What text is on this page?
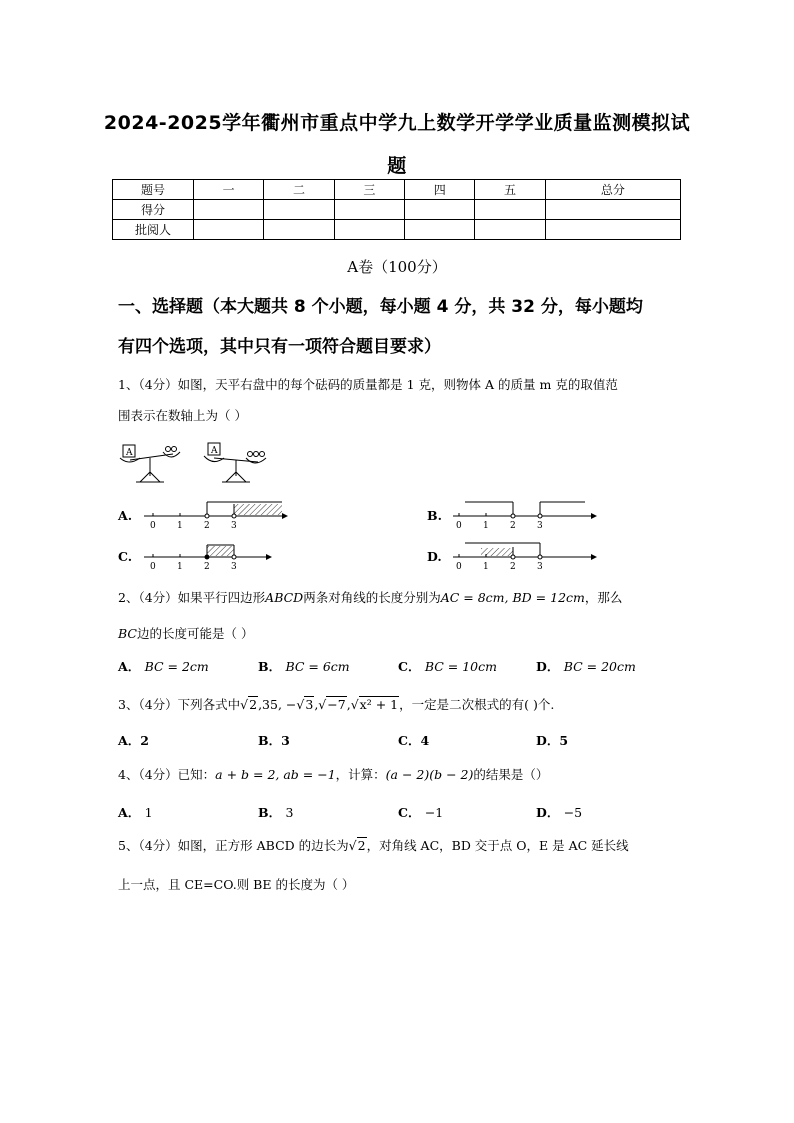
2024-2025学年衢州市重点中学九上数学开学学业质量监测模拟试
题
题号	一	二	三	四	五	总分
得分						
批阅人						
A卷（100分）
一、选择题（本大题共 8 个小题，每小题 4 分，共 32 分，每小题均
有四个选项，其中只有一项符合题目要求）
1、（4分）如图，天平右盘中的每个砝码的质量都是 1 克，则物体 A 的质量 m 克的取值范
围表示在数轴上为（ ）
A	A
A.
0 1 2 3
B.
0 1 2 3
C.
0 1 2 3
D.
0 1 2 3
2、（4分）如果平行四边形ABCD两条对角线的长度分别为AC = 8cm, BD = 12cm，那么
BC边的长度可能是（ ）
A． BC = 2cm	B． BC = 6cm	C． BC = 10cm	D． BC = 20cm
3、（4分）下列各式中√2,35, −√3,√−7,√x² + 1，一定是二次根式的有( )个.
A．2	B．3	C．4	D．5
4、（4分）已知：a + b = 2, ab = −1，计算：(a − 2)(b − 2)的结果是（）
A． 1	B． 3	C． −1	D． −5
5、（4分）如图，正方形 ABCD 的边长为√2，对角线 AC，BD 交于点 O，E 是 AC 延长线
上一点，且 CE=CO.则 BE 的长度为（ ）
